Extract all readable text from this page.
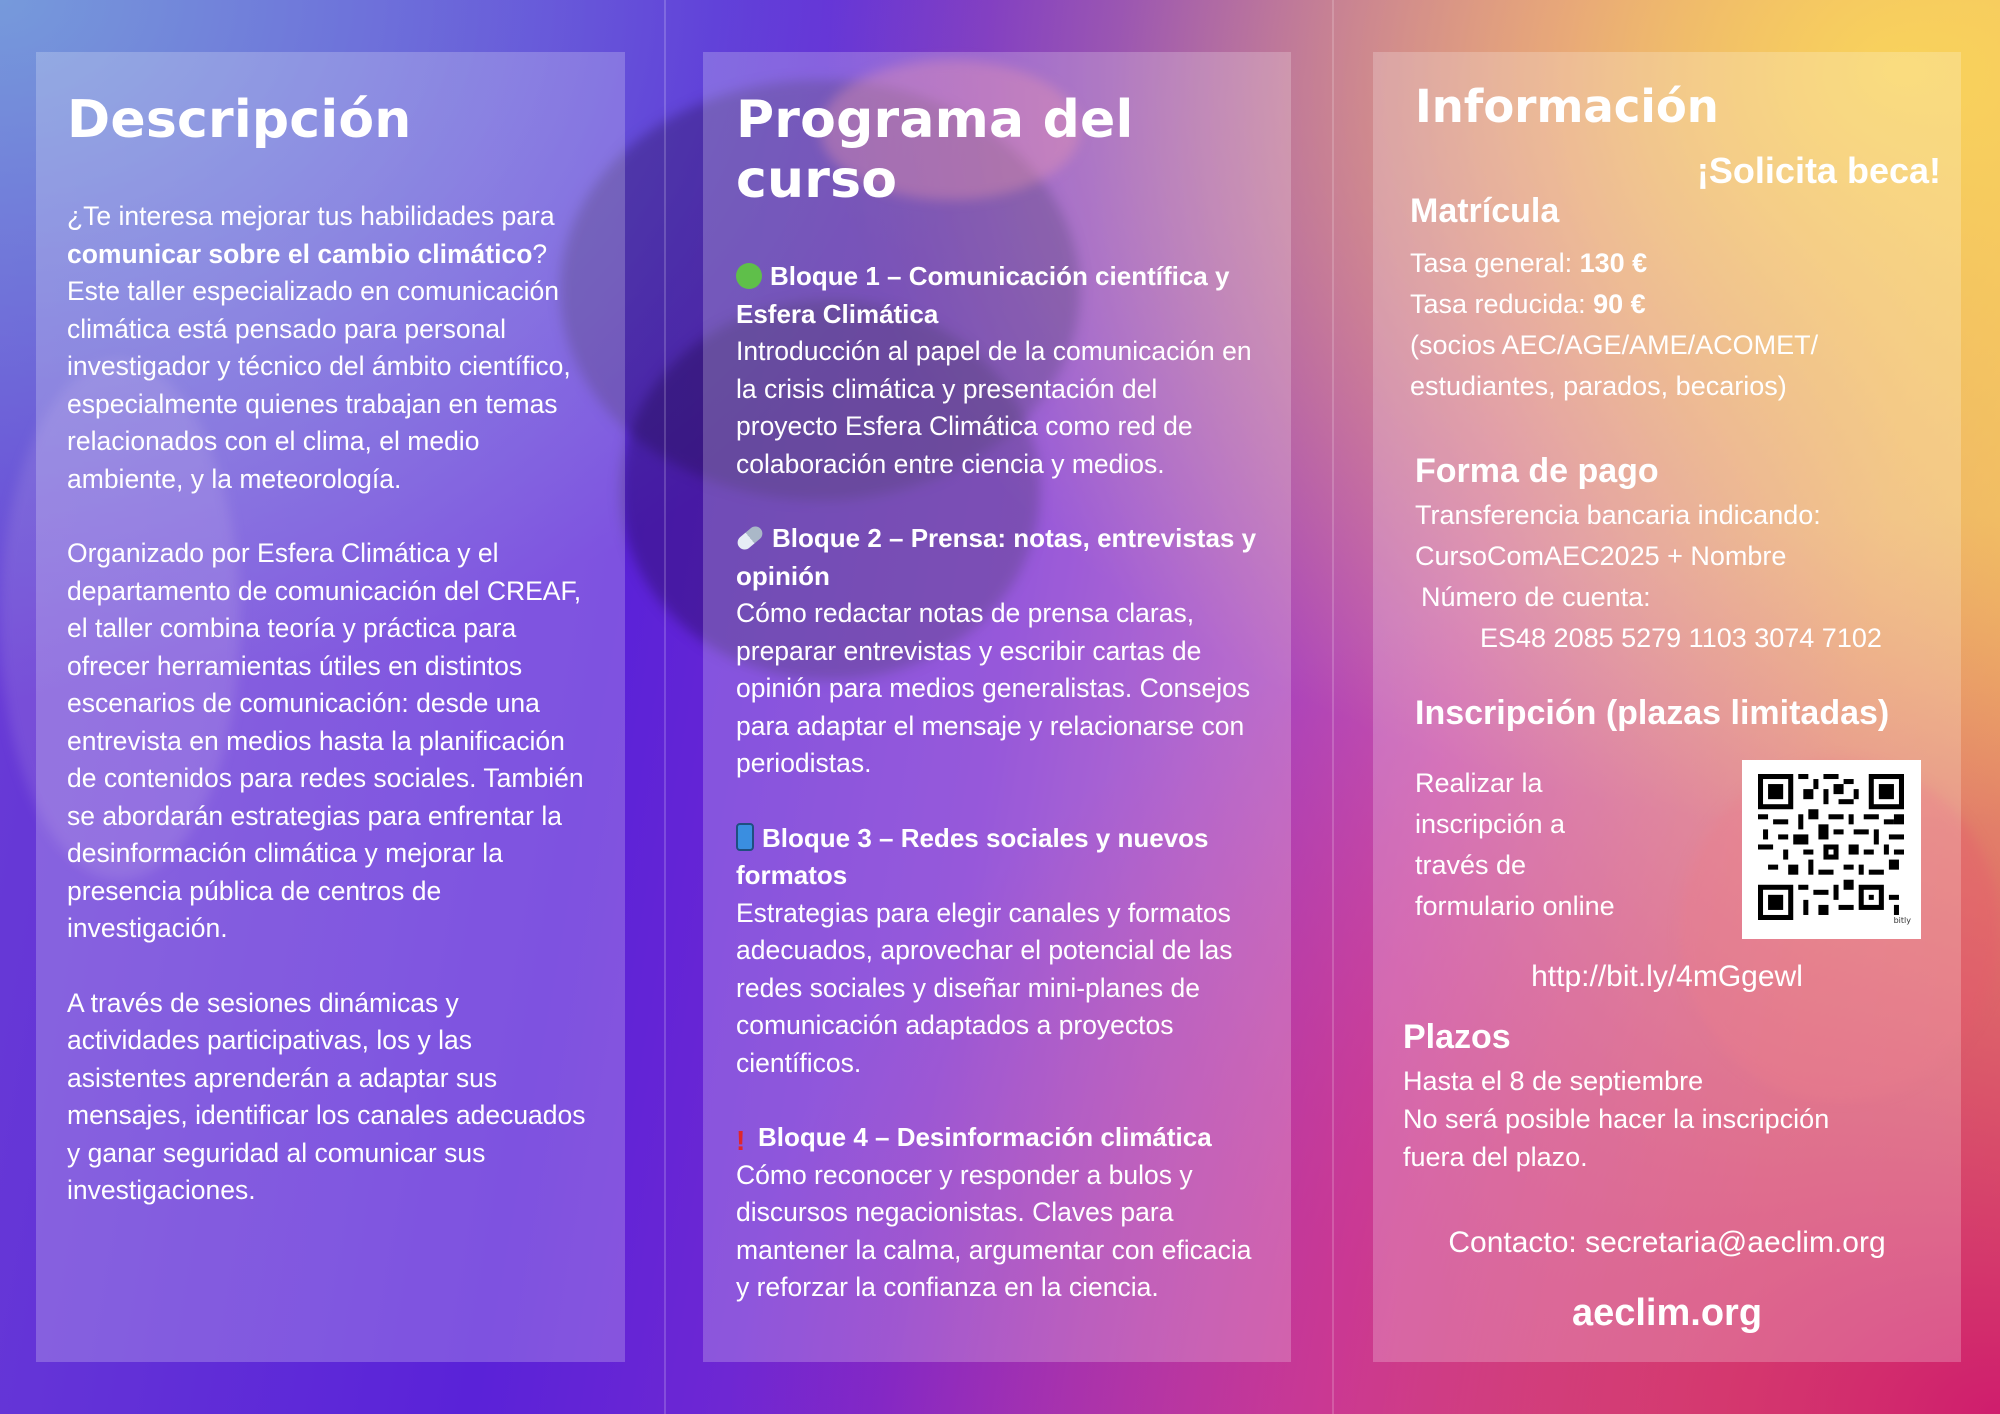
Descripción

¿Te interesa mejorar tus habilidades para comunicar sobre el cambio climático? Este taller especializado en comunicación climática está pensado para personal investigador y técnico del ámbito científico, especialmente quienes trabajan en temas relacionados con el clima, el medio ambiente, y la meteorología.

Organizado por Esfera Climática y el departamento de comunicación del CREAF, el taller combina teoría y práctica para ofrecer herramientas útiles en distintos escenarios de comunicación: desde una entrevista en medios hasta la planificación de contenidos para redes sociales. También se abordarán estrategias para enfrentar la desinformación climática y mejorar la presencia pública de centros de investigación.

A través de sesiones dinámicas y actividades participativas, los y las asistentes aprenderán a adaptar sus mensajes, identificar los canales adecuados y ganar seguridad al comunicar sus investigaciones.

Programa del curso
Bloque 1 – Comunicación científica y Esfera Climática
Introducción al papel de la comunicación en la crisis climática y presentación del proyecto Esfera Climática como red de colaboración entre ciencia y medios.
Bloque 2 – Prensa: notas, entrevistas y opinión
Cómo redactar notas de prensa claras, preparar entrevistas y escribir cartas de opinión para medios generalistas. Consejos para adaptar el mensaje y relacionarse con periodistas.
Bloque 3 – Redes sociales y nuevos formatos
Estrategias para elegir canales y formatos adecuados, aprovechar el potencial de las redes sociales y diseñar mini-planes de comunicación adaptados a proyectos científicos.
! Bloque 4 – Desinformación climática
Cómo reconocer y responder a bulos y discursos negacionistas. Claves para mantener la calma, argumentar con eficacia y reforzar la confianza en la ciencia.
Información
¡Solicita beca!
Matrícula
Tasa general: 130 €
Tasa reducida: 90 €
(socios AEC/AGE/AME/ACOMET/
estudiantes, parados, becarios)
Forma de pago
Transferencia bancaria indicando:
CursoComAEC2025 + Nombre
Número de cuenta:
ES48 2085 5279 1103 3074 7102
Inscripción (plazas limitadas)
Realizar la
inscripción a
través de
formulario online	bitly
http://bit.ly/4mGgewl
Plazos
Hasta el 8 de septiembre
No será posible hacer la inscripción
fuera del plazo.
Contacto: secretaria@aeclim.org
aeclim.org
